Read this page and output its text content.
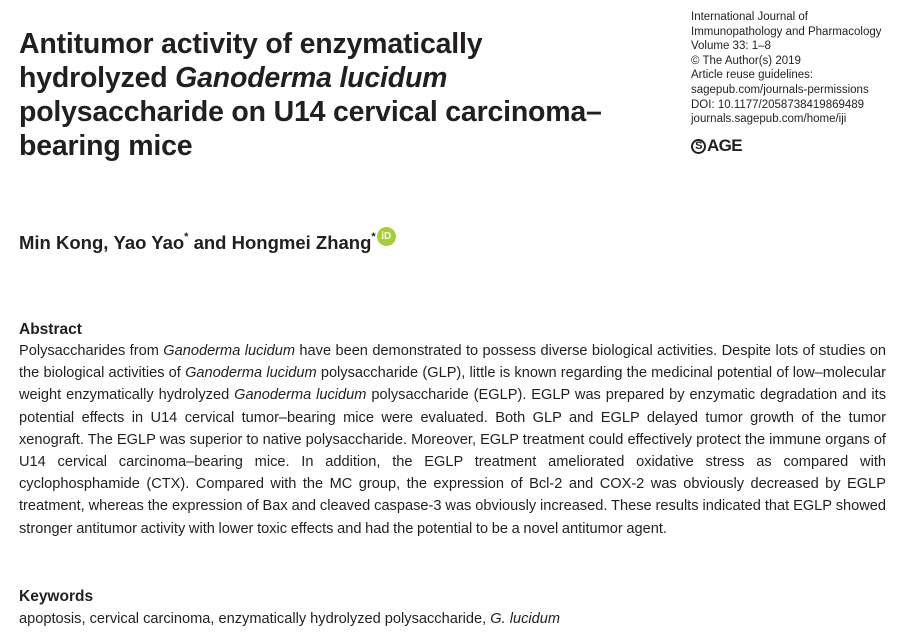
Antitumor activity of enzymatically hydrolyzed Ganoderma lucidum polysaccharide on U14 cervical carcinoma–bearing mice
International Journal of
Immunopathology and Pharmacology
Volume 33: 1–8
© The Author(s) 2019
Article reuse guidelines:
sagepub.com/journals-permissions
DOI: 10.1177/2058738419869489
journals.sagepub.com/home/iji
S AGE
Min Kong, Yao Yao* and Hongmei Zhang* iD
Abstract

Polysaccharides from Ganoderma lucidum have been demonstrated to possess diverse biological activities. Despite lots of studies on the biological activities of Ganoderma lucidum polysaccharide (GLP), little is known regarding the medicinal potential of low–molecular weight enzymatically hydrolyzed Ganoderma lucidum polysaccharide (EGLP). EGLP was prepared by enzymatic degradation and its potential effects in U14 cervical tumor–bearing mice were evaluated. Both GLP and EGLP delayed tumor growth of the tumor xenograft. The EGLP was superior to native polysaccharide. Moreover, EGLP treatment could effectively protect the immune organs of U14 cervical carcinoma–bearing mice. In addition, the EGLP treatment ameliorated oxidative stress as compared with cyclophosphamide (CTX). Compared with the MC group, the expression of Bcl-2 and COX-2 was obviously decreased by EGLP treatment, whereas the expression of Bax and cleaved caspase-3 was obviously increased. These results indicated that EGLP showed stronger antitumor activity with lower toxic effects and had the potential to be a novel antitumor agent.

Keywords
apoptosis, cervical carcinoma, enzymatically hydrolyzed polysaccharide, G. lucidum
